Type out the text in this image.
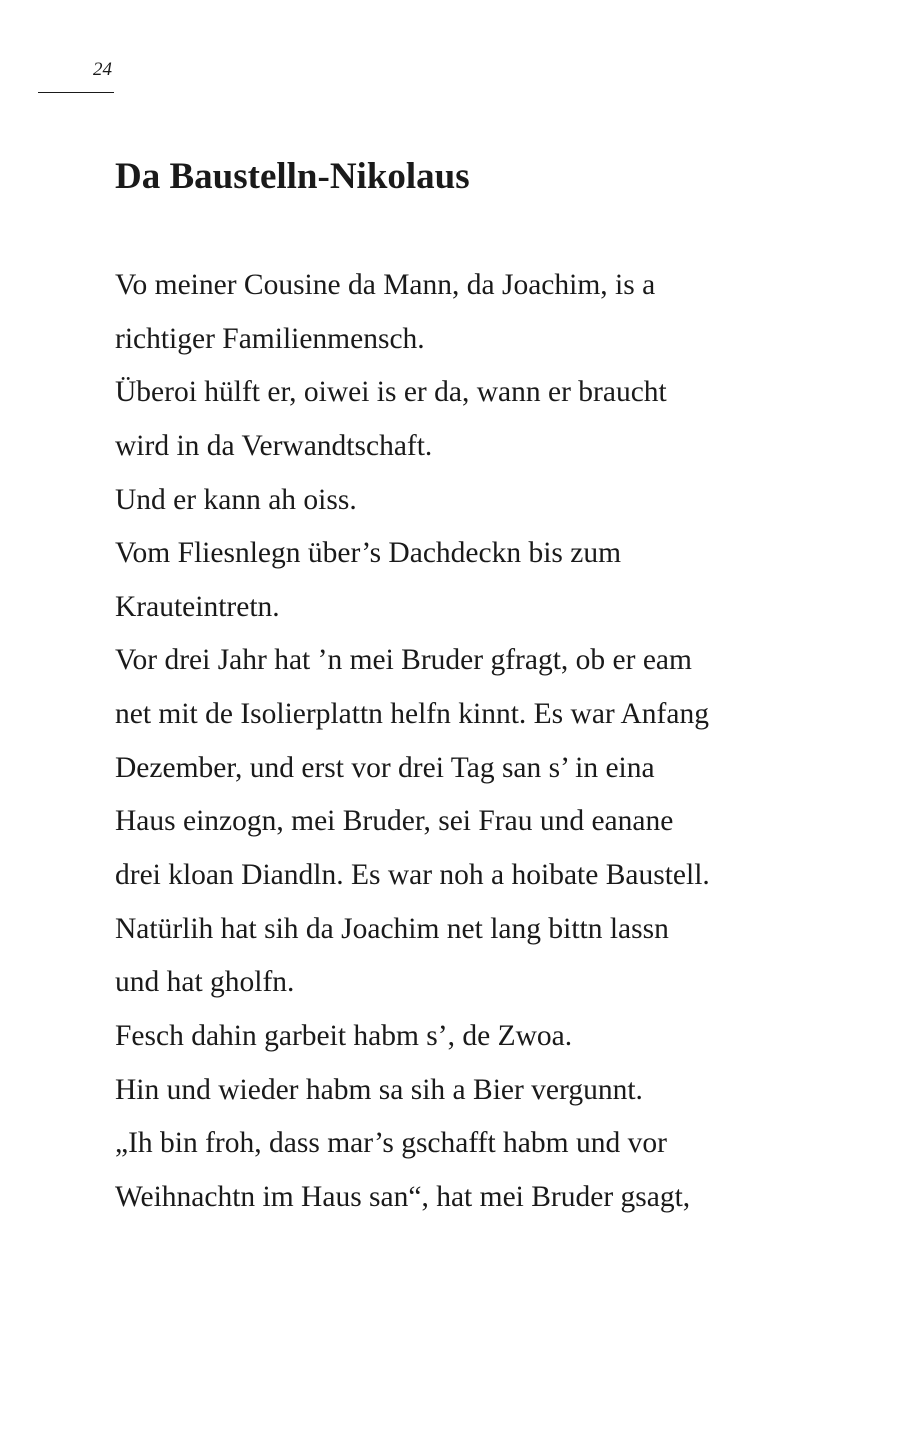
24
Da Baustelln-Nikolaus
Vo meiner Cousine da Mann, da Joachim, is a
richtiger Familienmensch.
Überoi hülft er, oiwei is er da, wann er braucht
wird in da Verwandtschaft.
Und er kann ah oiss.
Vom Fliesnlegn über’s Dachdeckn bis zum
Krauteintretn.
Vor drei Jahr hat ’n mei Bruder gfragt, ob er eam
net mit de Isolierplattn helfn kinnt. Es war Anfang
Dezember, und erst vor drei Tag san s’ in eina
Haus einzogn, mei Bruder, sei Frau und eanane
drei kloan Diandln. Es war noh a hoibate Baustell.
Natürlih hat sih da Joachim net lang bittn lassn
und hat gholfn.
Fesch dahin garbeit habm s’, de Zwoa.
Hin und wieder habm sa sih a Bier vergunnt.
„Ih bin froh, dass mar’s gschafft habm und vor
Weihnachtn im Haus san“, hat mei Bruder gsagt,
